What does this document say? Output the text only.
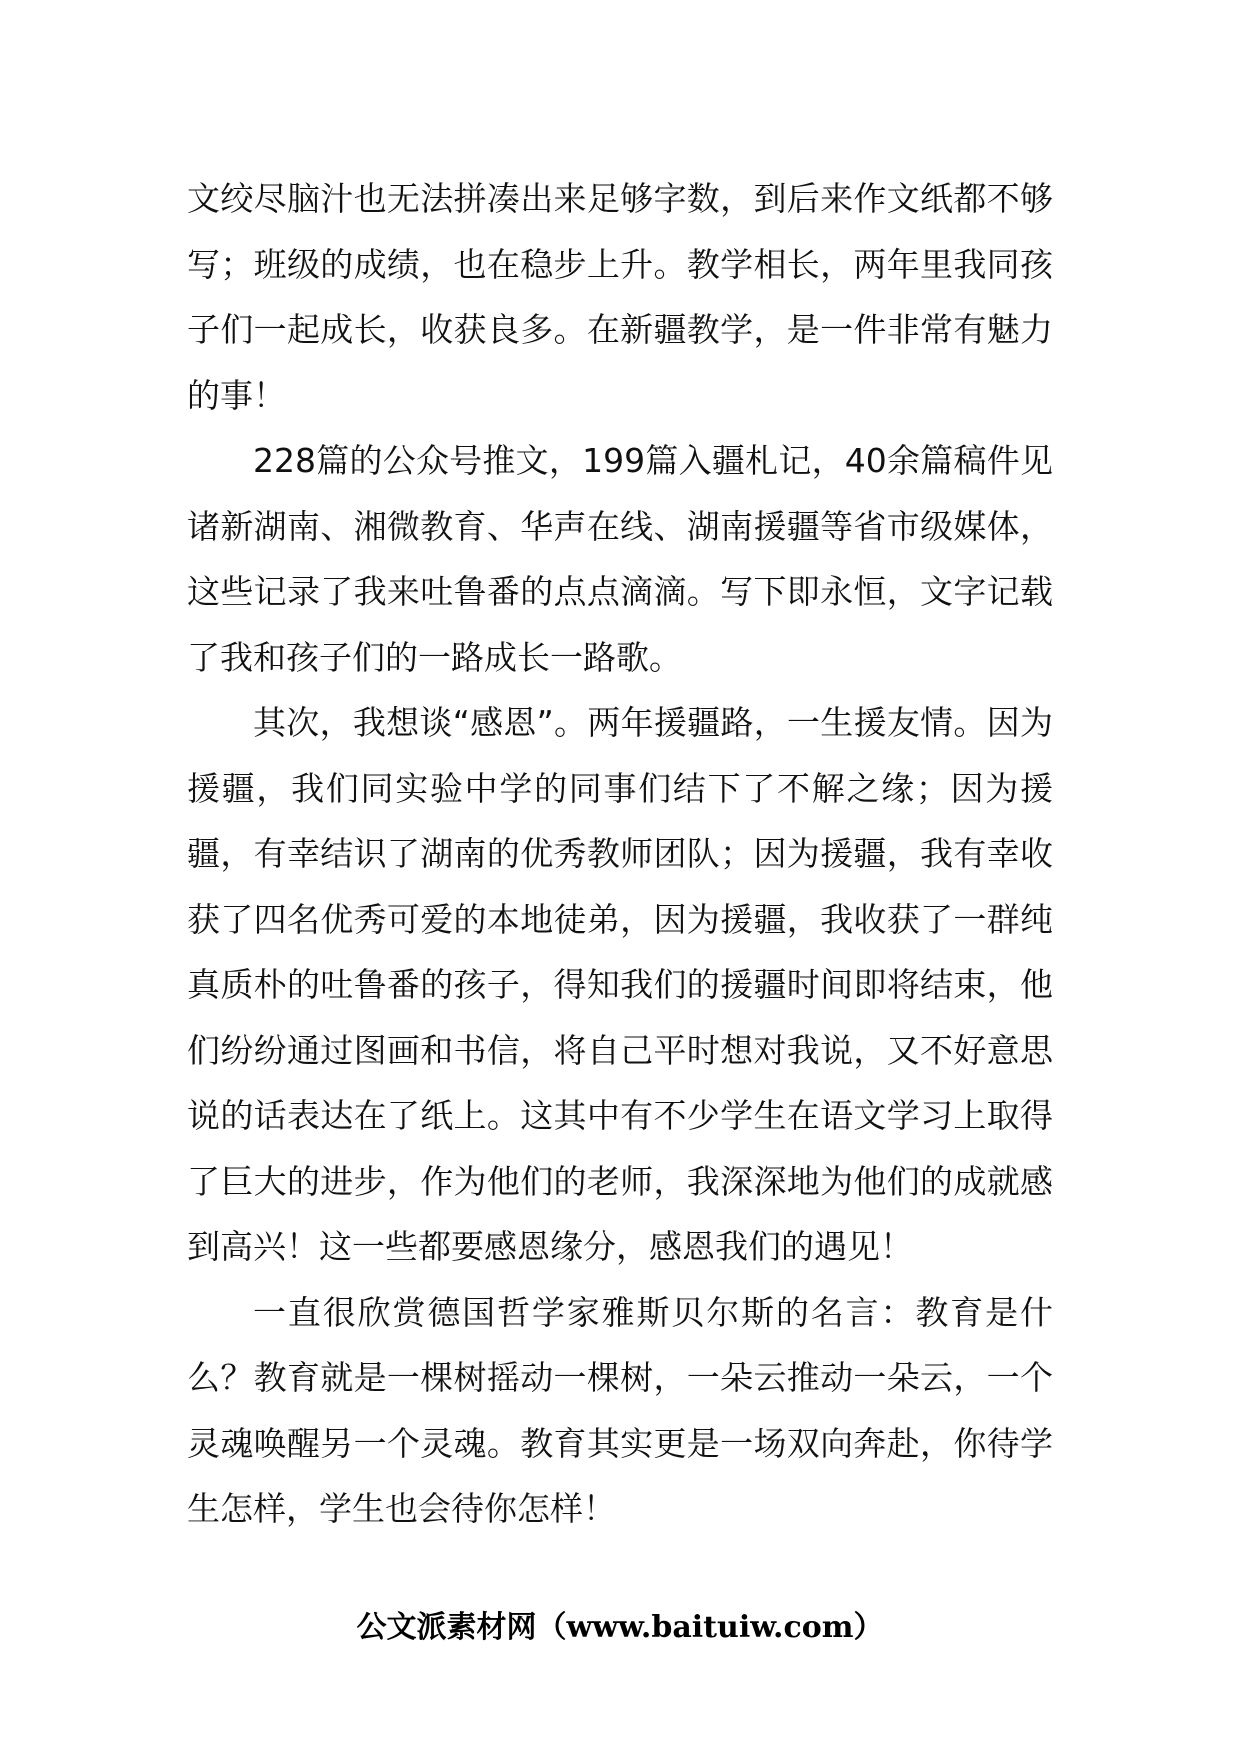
文绞尽脑汁也无法拼凑出来足够字数，到后来作文纸都不够写；班级的成绩，也在稳步上升。教学相长，两年里我同孩子们一起成长，收获良多。在新疆教学，是一件非常有魅力的事！

228篇的公众号推文，199篇入疆札记，40余篇稿件见诸新湖南、湘微教育、华声在线、湖南援疆等省市级媒体，这些记录了我来吐鲁番的点点滴滴。写下即永恒，文字记载了我和孩子们的一路成长一路歌。

其次，我想谈“感恩”。两年援疆路，一生援友情。因为援疆，我们同实验中学的同事们结下了不解之缘；因为援疆，有幸结识了湖南的优秀教师团队；因为援疆，我有幸收获了四名优秀可爱的本地徒弟，因为援疆，我收获了一群纯真质朴的吐鲁番的孩子，得知我们的援疆时间即将结束，他们纷纷通过图画和书信，将自己平时想对我说，又不好意思说的话表达在了纸上。这其中有不少学生在语文学习上取得了巨大的进步，作为他们的老师，我深深地为他们的成就感到高兴！这一些都要感恩缘分，感恩我们的遇见！

一直很欣赏德国哲学家雅斯贝尔斯的名言：教育是什么？教育就是一棵树摇动一棵树，一朵云推动一朵云，一个灵魂唤醒另一个灵魂。教育其实更是一场双向奔赴，你待学生怎样，学生也会待你怎样！

公文派素材网（www.baituiw.com）
